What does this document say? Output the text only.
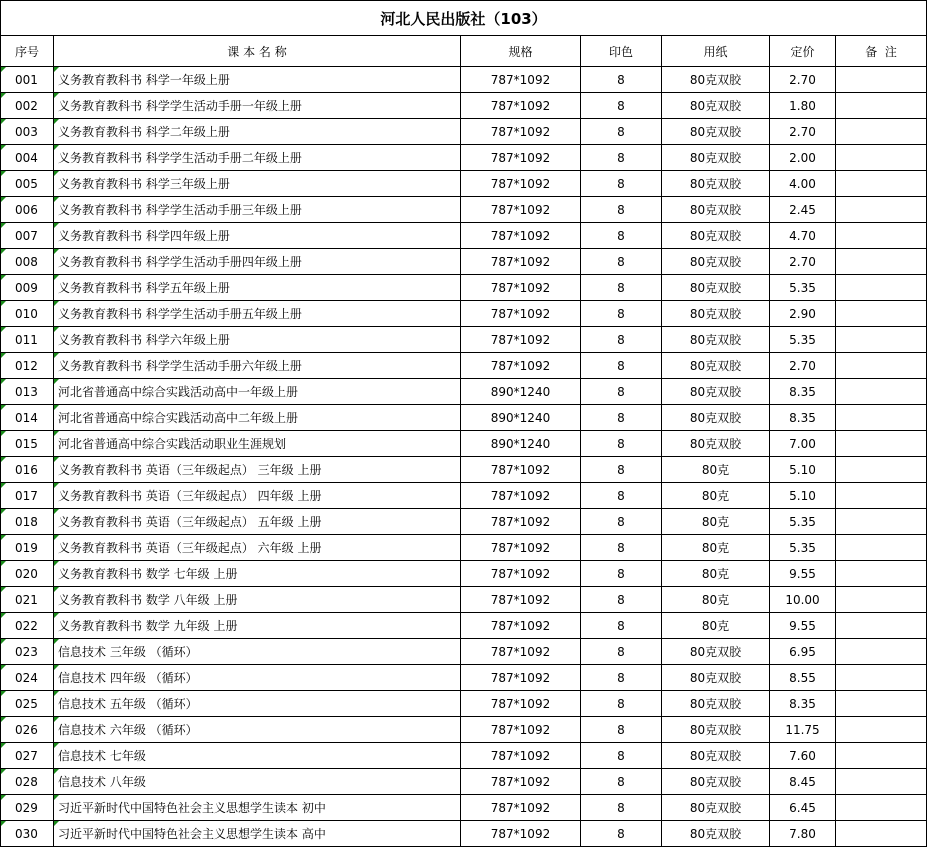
河北人民出版社（103）						
序号	课 本 名 称	规格	印色	用纸	定价	备  注
001	义务教育教科书 科学一年级上册	787*1092	8	80克双胶	2.70	
002	义务教育教科书 科学学生活动手册一年级上册	787*1092	8	80克双胶	1.80	
003	义务教育教科书 科学二年级上册	787*1092	8	80克双胶	2.70	
004	义务教育教科书 科学学生活动手册二年级上册	787*1092	8	80克双胶	2.00	
005	义务教育教科书 科学三年级上册	787*1092	8	80克双胶	4.00	
006	义务教育教科书 科学学生活动手册三年级上册	787*1092	8	80克双胶	2.45	
007	义务教育教科书 科学四年级上册	787*1092	8	80克双胶	4.70	
008	义务教育教科书 科学学生活动手册四年级上册	787*1092	8	80克双胶	2.70	
009	义务教育教科书 科学五年级上册	787*1092	8	80克双胶	5.35	
010	义务教育教科书 科学学生活动手册五年级上册	787*1092	8	80克双胶	2.90	
011	义务教育教科书 科学六年级上册	787*1092	8	80克双胶	5.35	
012	义务教育教科书 科学学生活动手册六年级上册	787*1092	8	80克双胶	2.70	
013	河北省普通高中综合实践活动高中一年级上册	890*1240	8	80克双胶	8.35	
014	河北省普通高中综合实践活动高中二年级上册	890*1240	8	80克双胶	8.35	
015	河北省普通高中综合实践活动职业生涯规划	890*1240	8	80克双胶	7.00	
016	义务教育教科书 英语（三年级起点） 三年级 上册	787*1092	8	80克	5.10	
017	义务教育教科书 英语（三年级起点） 四年级 上册	787*1092	8	80克	5.10	
018	义务教育教科书 英语（三年级起点） 五年级 上册	787*1092	8	80克	5.35	
019	义务教育教科书 英语（三年级起点） 六年级 上册	787*1092	8	80克	5.35	
020	义务教育教科书 数学 七年级 上册	787*1092	8	80克	9.55	
021	义务教育教科书 数学 八年级 上册	787*1092	8	80克	10.00	
022	义务教育教科书 数学 九年级 上册	787*1092	8	80克	9.55	
023	信息技术 三年级 （循环）	787*1092	8	80克双胶	6.95	
024	信息技术 四年级 （循环）	787*1092	8	80克双胶	8.55	
025	信息技术 五年级 （循环）	787*1092	8	80克双胶	8.35	
026	信息技术 六年级 （循环）	787*1092	8	80克双胶	11.75	
027	信息技术 七年级	787*1092	8	80克双胶	7.60	
028	信息技术 八年级	787*1092	8	80克双胶	8.45	
029	习近平新时代中国特色社会主义思想学生读本 初中	787*1092	8	80克双胶	6.45	
030	习近平新时代中国特色社会主义思想学生读本 高中	787*1092	8	80克双胶	7.80	
